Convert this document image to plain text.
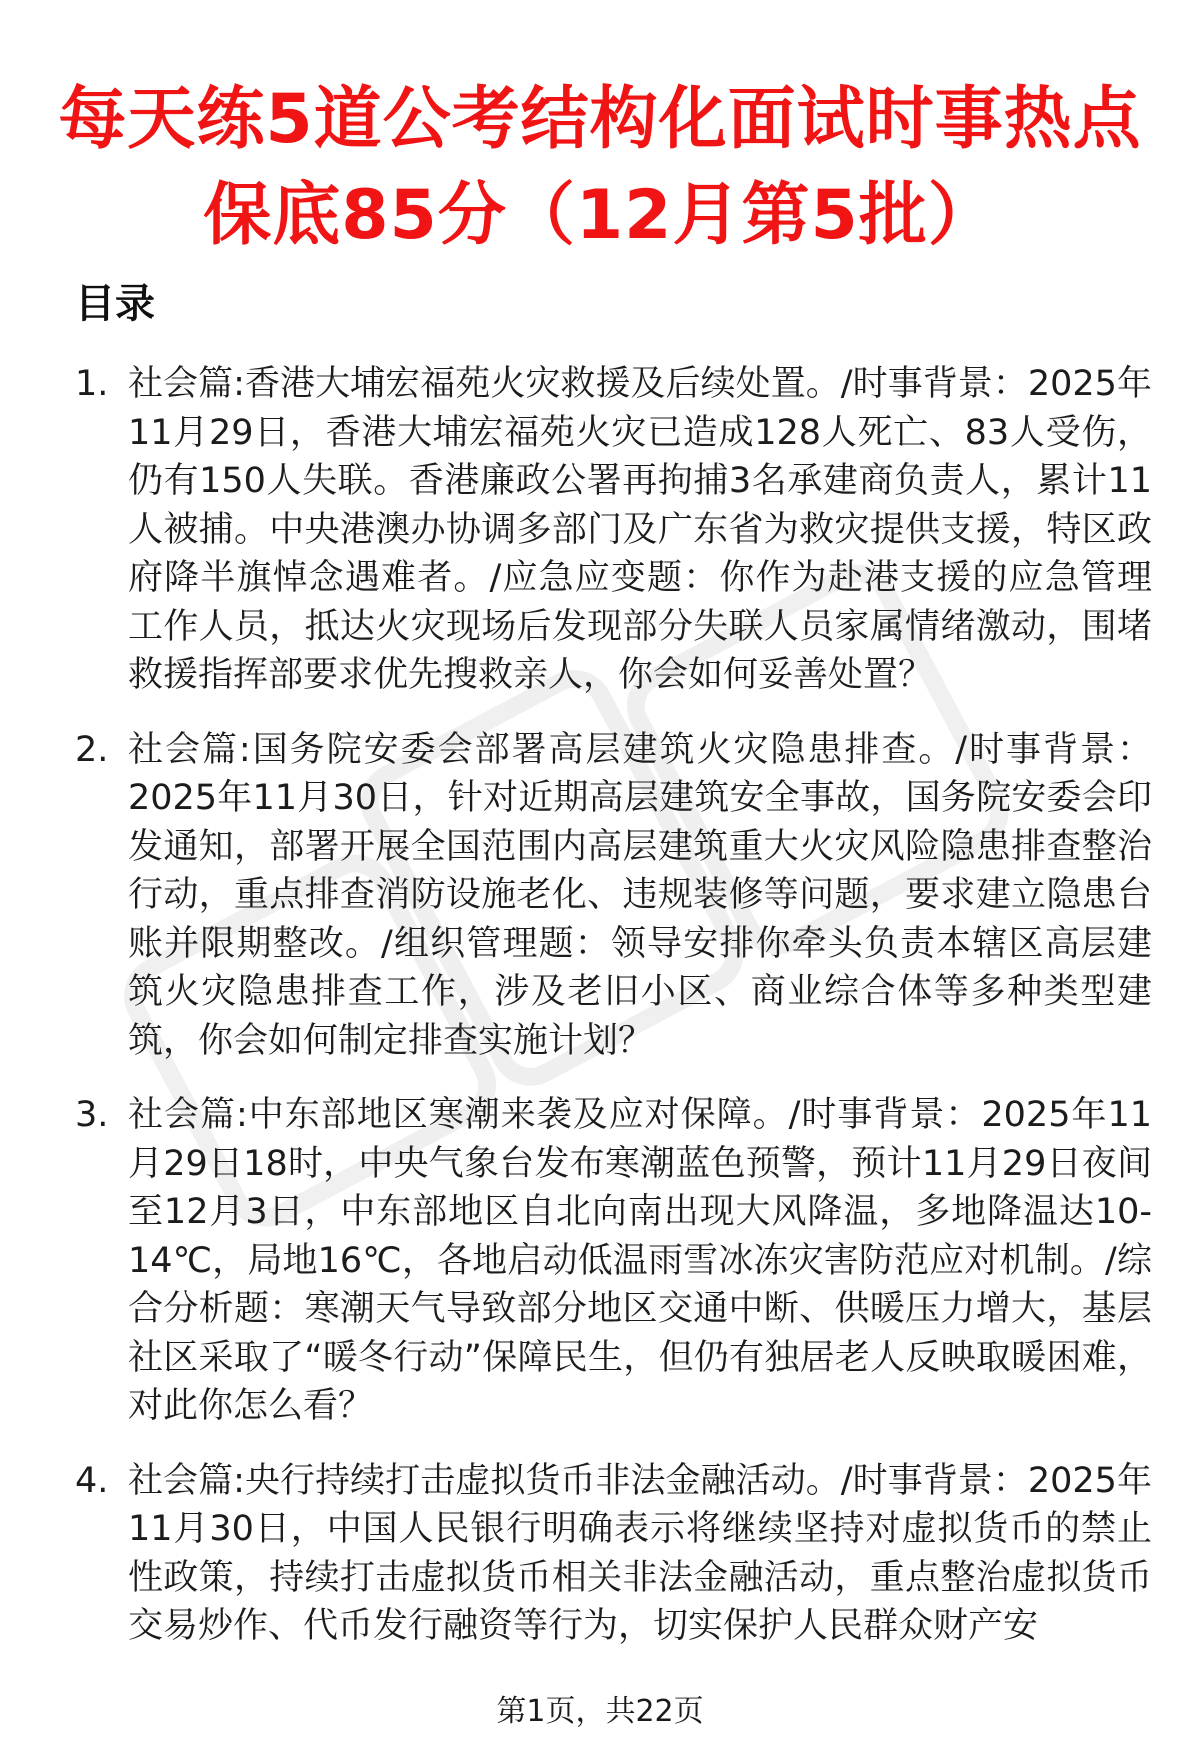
每天练5道公考结构化面试时事热点
保底85分（12月第5批）
目录
1. 社会篇:香港大埔宏福苑火灾救援及后续处置。/时事背景：2025年11月29日，香港大埔宏福苑火灾已造成128人死亡、83人受伤，仍有150人失联。香港廉政公署再拘捕3名承建商负责人，累计11人被捕。中央港澳办协调多部门及广东省为救灾提供支援，特区政府降半旗悼念遇难者。/应急应变题：你作为赴港支援的应急管理工作人员，抵达火灾现场后发现部分失联人员家属情绪激动，围堵救援指挥部要求优先搜救亲人，你会如何妥善处置？
2. 社会篇:国务院安委会部署高层建筑火灾隐患排查。/时事背景：2025年11月30日，针对近期高层建筑安全事故，国务院安委会印发通知，部署开展全国范围内高层建筑重大火灾风险隐患排查整治行动，重点排查消防设施老化、违规装修等问题，要求建立隐患台账并限期整改。/组织管理题：领导安排你牵头负责本辖区高层建筑火灾隐患排查工作，涉及老旧小区、商业综合体等多种类型建筑，你会如何制定排查实施计划？
3. 社会篇:中东部地区寒潮来袭及应对保障。/时事背景：2025年11月29日18时，中央气象台发布寒潮蓝色预警，预计11月29日夜间至12月3日，中东部地区自北向南出现大风降温，多地降温达10-14℃，局地16℃，各地启动低温雨雪冰冻灾害防范应对机制。/综合分析题：寒潮天气导致部分地区交通中断、供暖压力增大，基层社区采取了“暖冬行动”保障民生，但仍有独居老人反映取暖困难，对此你怎么看？
4. 社会篇:央行持续打击虚拟货币非法金融活动。/时事背景：2025年11月30日，中国人民银行明确表示将继续坚持对虚拟货币的禁止性政策，持续打击虚拟货币相关非法金融活动，重点整治虚拟货币交易炒作、代币发行融资等行为，切实保护人民群众财产安
第1页，共22页
